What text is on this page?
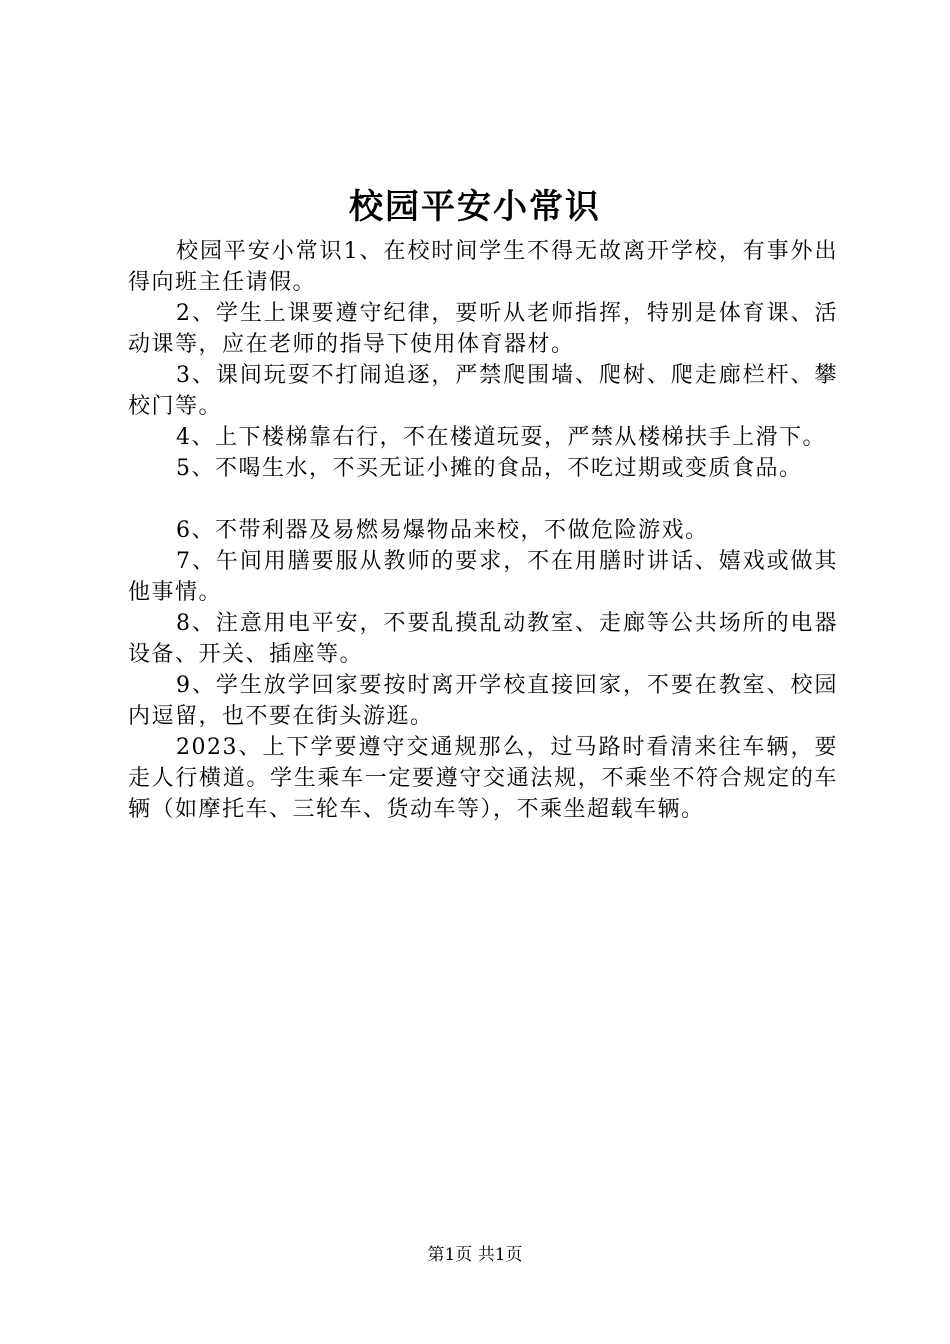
校园平安小常识

校园平安小常识1、在校时间学生不得无故离开学校，有事外出得向班主任请假。

2、学生上课要遵守纪律，要听从老师指挥，特别是体育课、活动课等，应在老师的指导下使用体育器材。

3、课间玩耍不打闹追逐，严禁爬围墙、爬树、爬走廊栏杆、攀校门等。

4、上下楼梯靠右行，不在楼道玩耍，严禁从楼梯扶手上滑下。

5、不喝生水，不买无证小摊的食品，不吃过期或变质食品。

6、不带利器及易燃易爆物品来校，不做危险游戏。

7、午间用膳要服从教师的要求，不在用膳时讲话、嬉戏或做其他事情。

8、注意用电平安，不要乱摸乱动教室、走廊等公共场所的电器设备、开关、插座等。

9、学生放学回家要按时离开学校直接回家，不要在教室、校园内逗留，也不要在街头游逛。

2023、上下学要遵守交通规那么，过马路时看清来往车辆，要走人行横道。学生乘车一定要遵守交通法规，不乘坐不符合规定的车辆（如摩托车、三轮车、货动车等），不乘坐超载车辆。

第1页 共1页
